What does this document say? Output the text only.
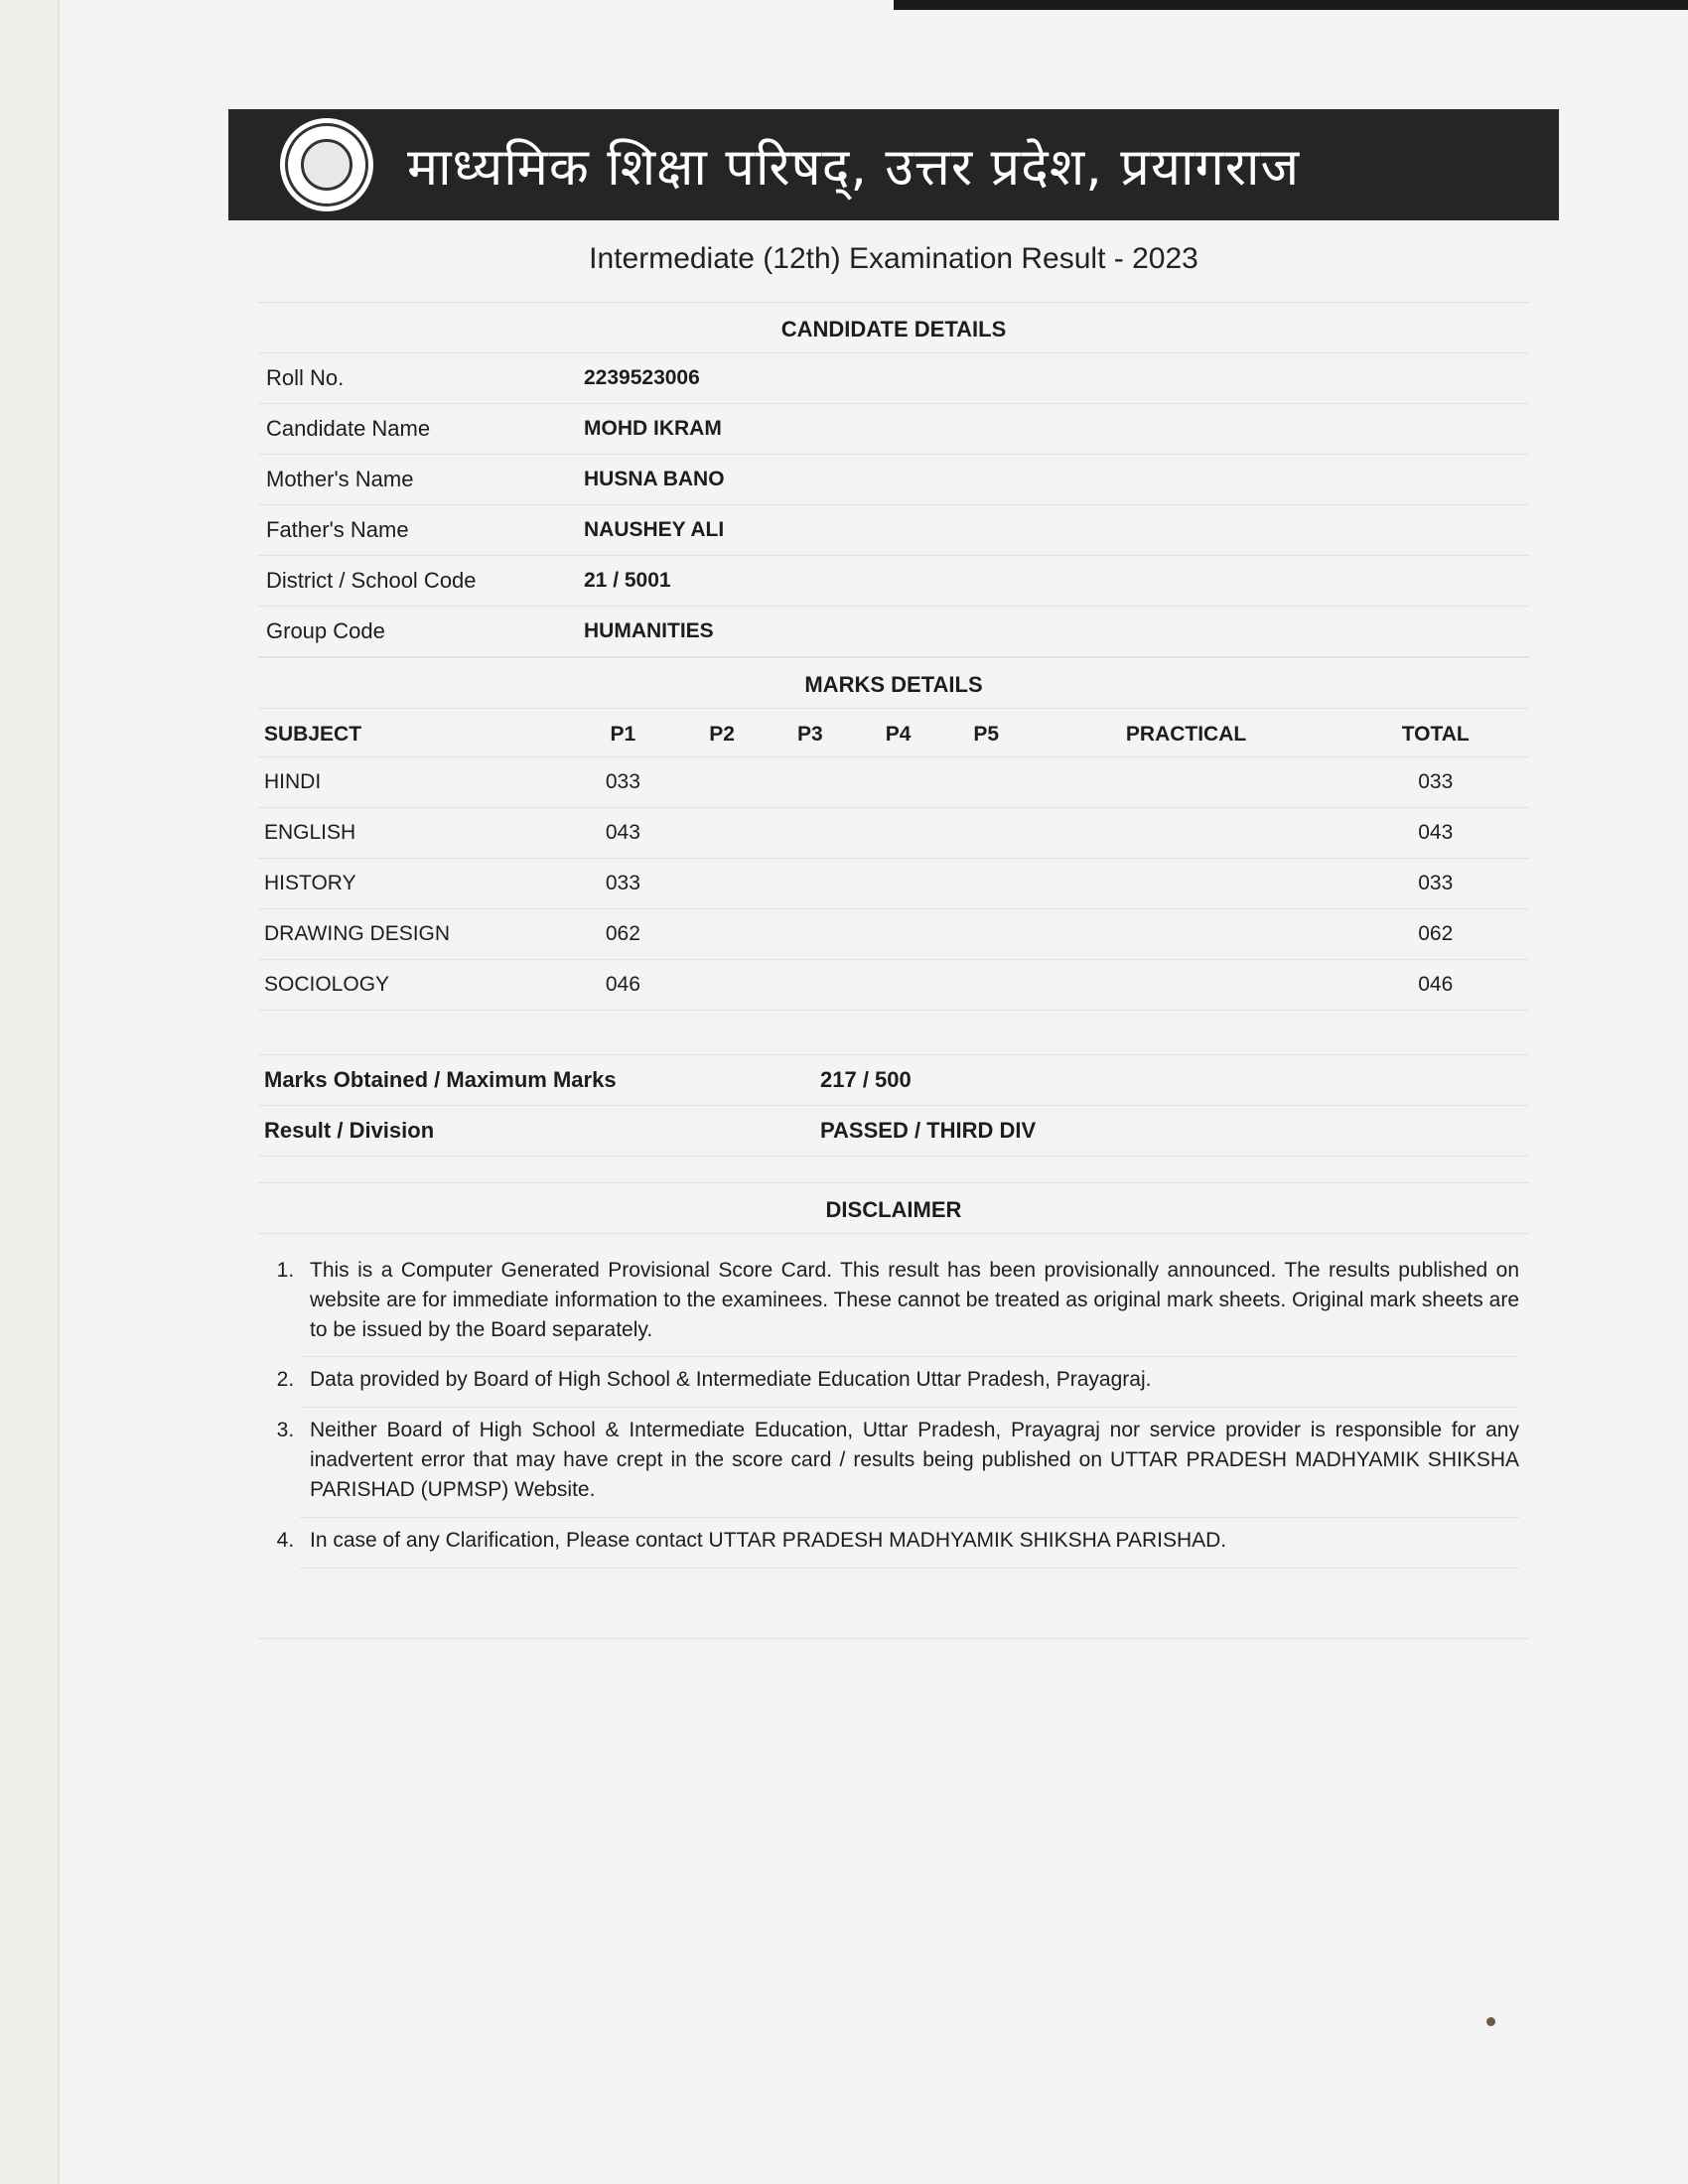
माध्यमिक शिक्षा परिषद्, उत्तर प्रदेश, प्रयागराज
Intermediate (12th) Examination Result - 2023
CANDIDATE DETAILS
Roll No.	2239523006
Candidate Name	MOHD IKRAM
Mother's Name	HUSNA BANO
Father's Name	NAUSHEY ALI
District / School Code	21 / 5001
Group Code	HUMANITIES
MARKS DETAILS
SUBJECT	P1	P2	P3	P4	P5	PRACTICAL	TOTAL
HINDI	033						033
ENGLISH	043						043
HISTORY	033						033
DRAWING DESIGN	062						062
SOCIOLOGY	046						046
Marks Obtained / Maximum Marks	217 / 500
Result / Division	PASSED / THIRD DIV
DISCLAIMER
1. This is a Computer Generated Provisional Score Card. This result has been provisionally announced. The results published on website are for immediate information to the examinees. These cannot be treated as original mark sheets. Original mark sheets are to be issued by the Board separately.
2. Data provided by Board of High School & Intermediate Education Uttar Pradesh, Prayagraj.
3. Neither Board of High School & Intermediate Education, Uttar Pradesh, Prayagraj nor service provider is responsible for any inadvertent error that may have crept in the score card / results being published on UTTAR PRADESH MADHYAMIK SHIKSHA PARISHAD (UPMSP) Website.
4. In case of any Clarification, Please contact UTTAR PRADESH MADHYAMIK SHIKSHA PARISHAD.
